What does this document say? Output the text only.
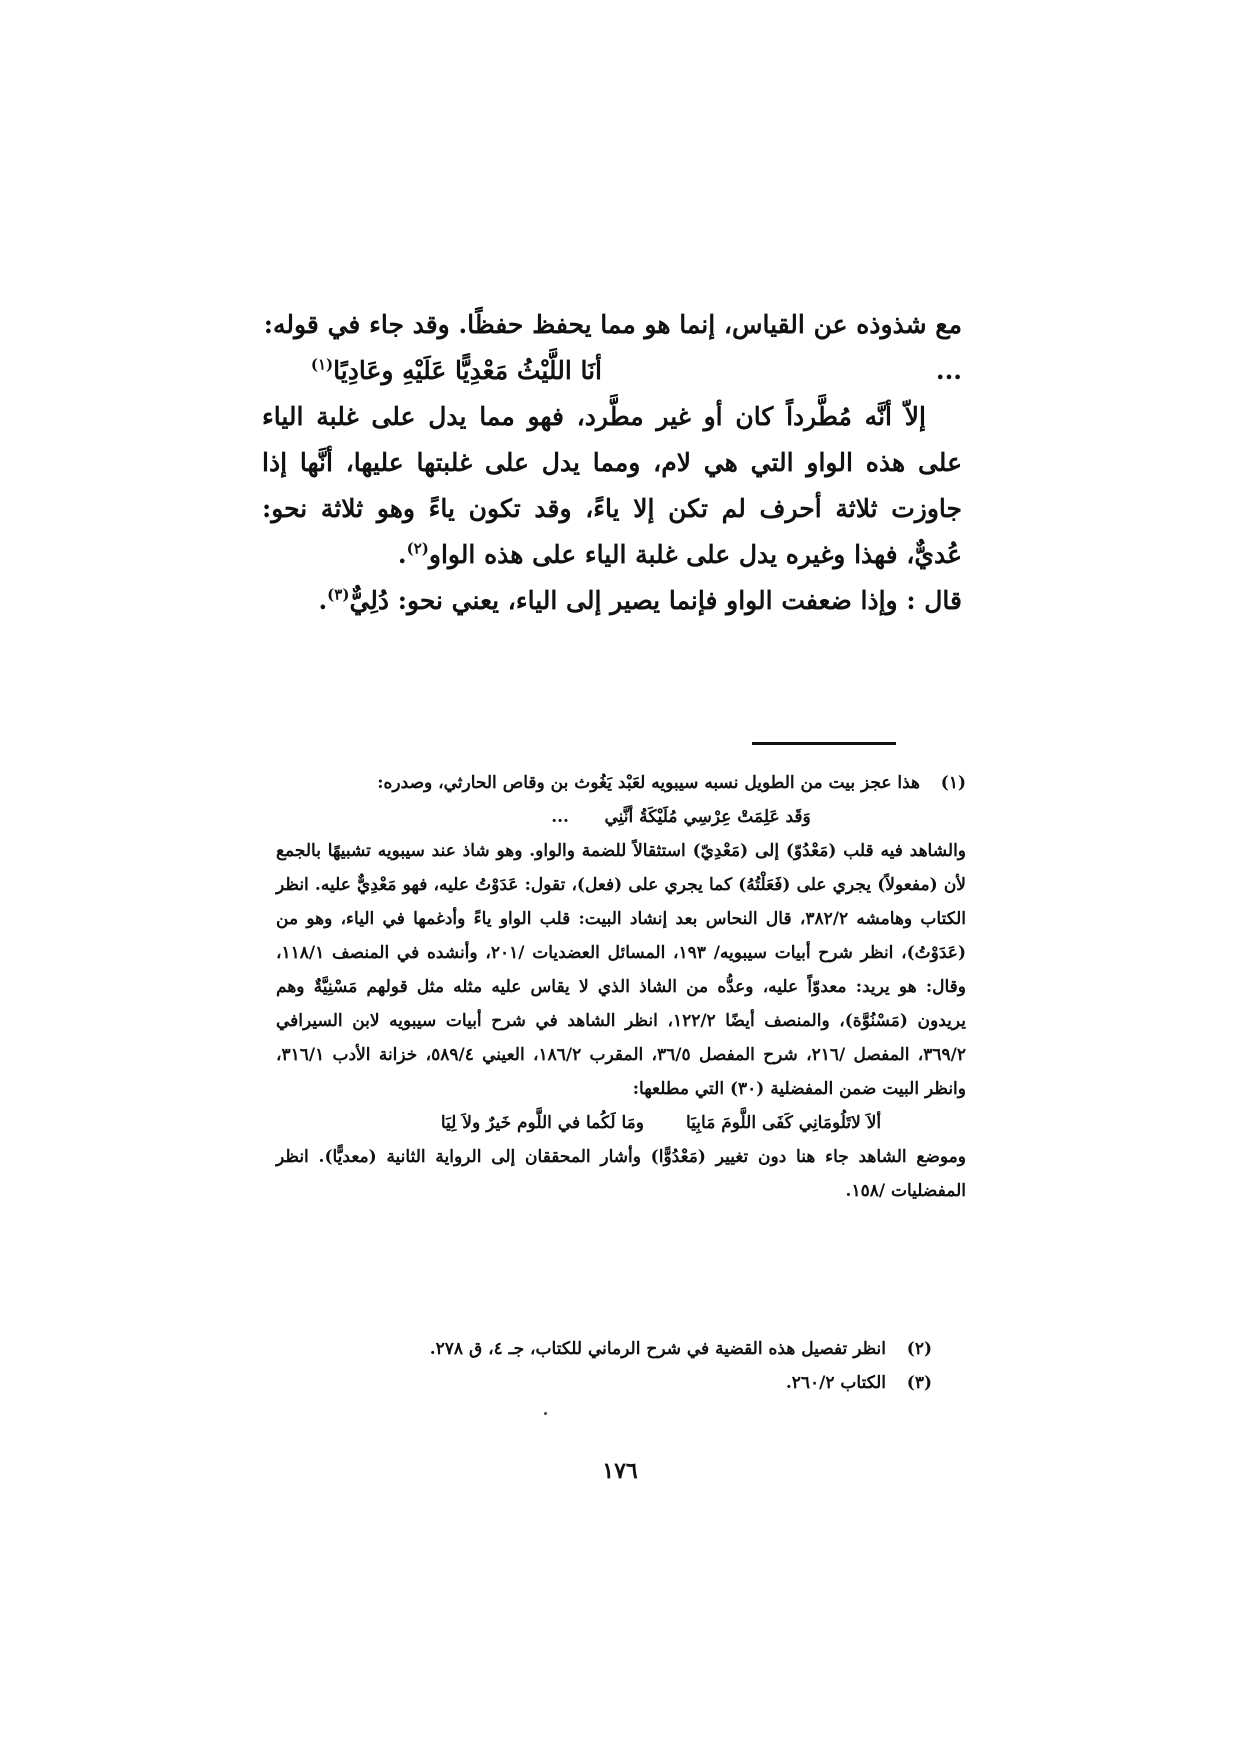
مع شذوذه عن القياس، إنما هو مما يحفظ حفظًا. وقد جاء في قوله:
...
أنَا اللَّيْثُ مَعْدِيًّا عَلَيْهِ وعَادِيًا$^{(١)}$
إلاّ أنَّه مُطَّرداً كان أو غير مطَّرد، فهو مما يدل على غلبة الياء على هذه الواو التي هي لام، ومما يدل على غلبتها عليها، أنَّها إذا جاوزت ثلاثة أحرف لم تكن إلا ياءً، وقد تكون ياءً وهو ثلاثة نحو: عُديٌّ، فهذا وغيره يدل على غلبة الياء على هذه الواو$^{(٢)}$.
قال : وإذا ضعفت الواو فإنما يصير إلى الياء، يعني نحو: دُلِيٌّ$^{(٣)}$.
(١)
هذا عجز بيت من الطويل نسبه سيبويه لعَبْد يَغُوث بن وقاص الحارثي، وصدره:
وَقَد عَلِمَتْ عِرْسِي مُلَيْكَةُ أنَّنِي      ...
والشاهد فيه قلب (مَعْدُوّ) إلى (مَعْدِيّ) استثقالاً للضمة والواو. وهو شاذ عند سيبويه تشبيهًا بالجمع لأن (مفعولاً) يجري على (فَعَلْتُهُ) كما يجري على (فعل)، تقول: عَدَوْتُ عليه، فهو مَعْدِيٌّ عليه. انظر الكتاب وهامشه ٣٨٢/٢، قال النحاس بعد إنشاد البيت: قلب الواو ياءً وأدغمها في الياء، وهو من (عَدَوْتُ)، انظر شرح أبيات سيبويه/ ١٩٣، المسائل العضديات /٢٠١، وأنشده في المنصف ١١٨/١، وقال: هو يريد: معدوّاً عليه، وعدُّه من الشاذ الذي لا يقاس عليه مثله مثل قولهم مَسْنِيَّةٌ وهم يريدون (مَسْنُوَّة)، والمنصف أيضًا ١٢٢/٢، انظر الشاهد في شرح أبيات سيبويه لابن السيرافي ٣٦٩/٢، المفصل /٢١٦، شرح المفصل ٣٦/٥، المقرب ١٨٦/٢، العيني ٥٨٩/٤، خزانة الأدب ٣١٦/١، وانظر البيت ضمن المفضلية (٣٠) التي مطلعها:
ألاَ لاتَلُومَانِي كَفَى اللَّومَ مَابِيَا
ومَا لَكُما في اللَّوم خَيرٌ ولاَ لِيَا
وموضع الشاهد جاء هنا دون تغيير (مَعْدُوًّا) وأشار المحققان إلى الرواية الثانية (معديًّا). انظر المفضليات /١٥٨.
(٢)
انظر تفصيل هذه القضية في شرح الرماني للكتاب، جـ ٤، ق ٢٧٨.
(٣)
الكتاب ٢٦٠/٢.
١٧٦
